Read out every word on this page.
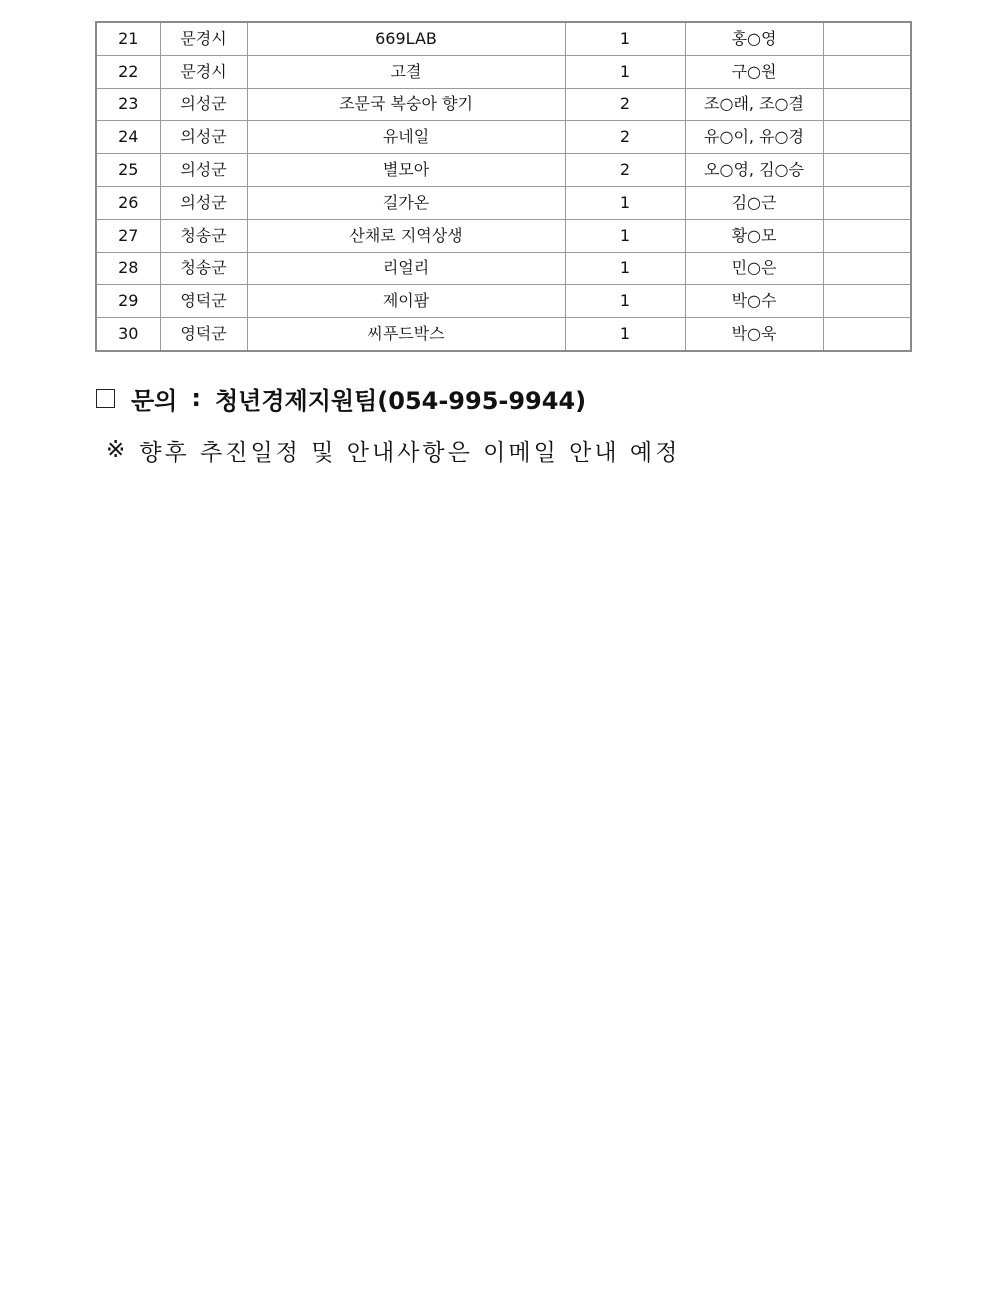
21	문경시	669LAB	1	홍○영	
22	문경시	고결	1	구○원	
23	의성군	조문국 복숭아 향기	2	조○래, 조○결	
24	의성군	유네일	2	유○이, 유○경	
25	의성군	별모아	2	오○영, 김○승	
26	의성군	길가온	1	김○근	
27	청송군	산채로 지역상생	1	황○모	
28	청송군	리얼리	1	민○은	
29	영덕군	제이팜	1	박○수	
30	영덕군	씨푸드박스	1	박○욱	
문의 : 청년경제지원팀(054-995-9944)
※ 향후 추진일정 및 안내사항은 이메일 안내 예정
